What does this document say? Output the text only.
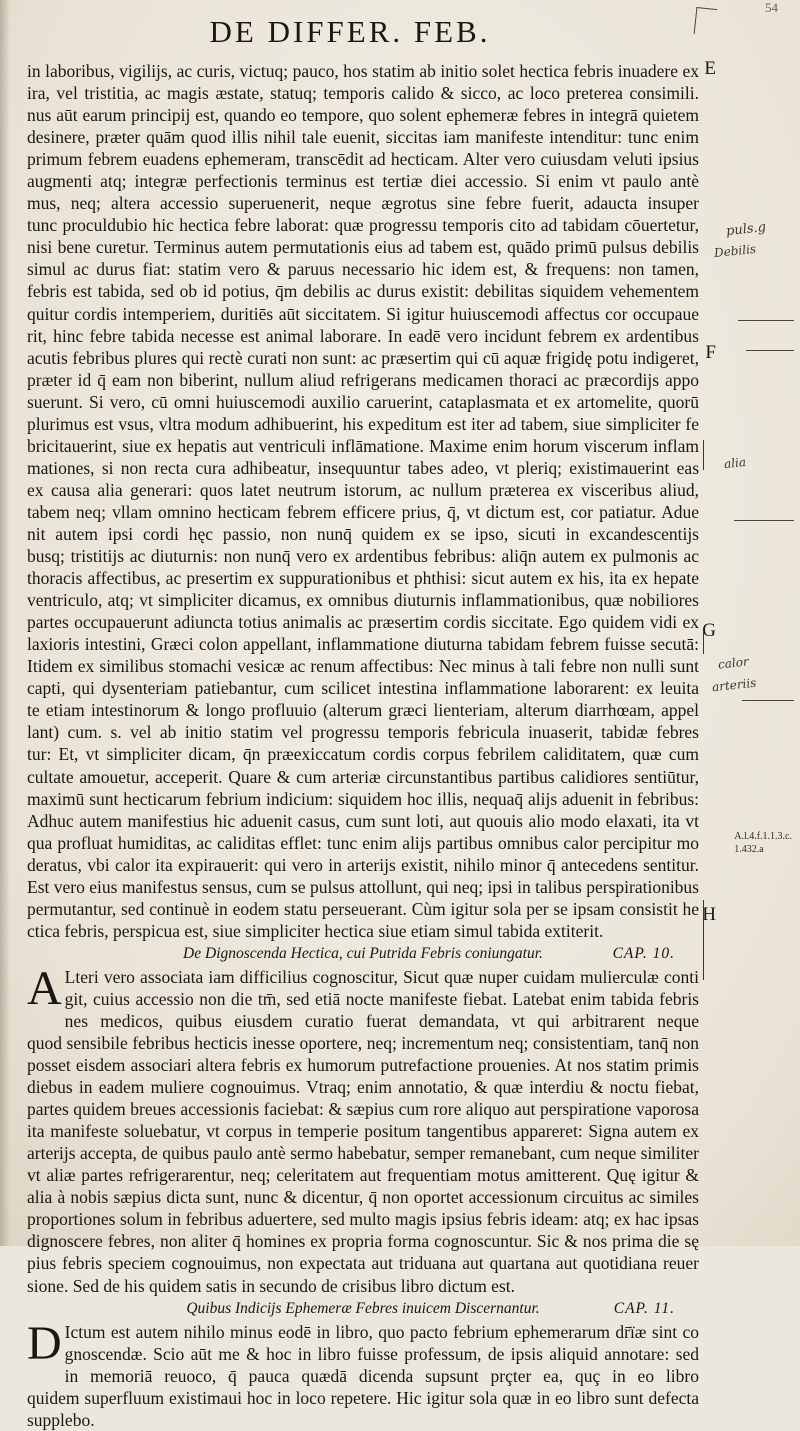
54
DE DIFFER. FEB.
in laboribus, vigilijs, ac curis, victuq; pauco, hos statim ab initio solet hectica febris inuadere ex
ira, vel tristitia, ac magis æstate, statuq; temporis calido & sicco, ac loco preterea consimili.
nus aūt earum principij est, quando eo tempore, quo solent ephemeræ febres in integrā quietem
desinere, præter quām quod illis nihil tale euenit, siccitas iam manifeste intenditur: tunc enim
primum febrem euadens ephemeram, transcēdit ad hecticam. Alter vero cuiusdam veluti ipsius
augmenti atq; integræ perfectionis terminus est tertiæ diei accessio. Si enim vt paulo antè
mus, neq; altera accessio superuenerit, neque ægrotus sine febre fuerit, adaucta insuper
tunc proculdubio hic hectica febre laborat: quæ progressu temporis cito ad tabidam cōuertetur,
nisi bene curetur. Terminus autem permutationis eius ad tabem est, quādo primū pulsus debilis
simul ac durus fiat: statim vero & paruus necessario hic idem est, & frequens: non tamen,
febris est tabida, sed ob id potius, q̄m debilis ac durus existit: debilitas siquidem vehementem
quitur cordis intemperiem, duritiēs aūt siccitatem. Si igitur huiuscemodi affectus cor occupaue
rit, hinc febre tabida necesse est animal laborare. In eadē vero incidunt febrem ex ardentibus
acutis febribus plures qui rectè curati non sunt: ac præsertim qui cū aquæ frigidę potu indigeret,
præter id q̄ eam non biberint, nullum aliud refrigerans medicamen thoraci ac præcordijs appo
suerunt. Si vero, cū omni huiuscemodi auxilio caruerint, cataplasmata et ex artomelite, quorū
plurimus est vsus, vltra modum adhibuerint, his expeditum est iter ad tabem, siue simpliciter fe
bricitauerint, siue ex hepatis aut ventriculi inflāmatione. Maxime enim horum viscerum inflam
mationes, si non recta cura adhibeatur, insequuntur tabes adeo, vt pleriq; existimauerint eas
ex causa alia generari: quos latet neutrum istorum, ac nullum præterea ex visceribus aliud,
tabem neq; vllam omnino hecticam febrem efficere prius, q̄, vt dictum est, cor patiatur. Adue
nit autem ipsi cordi hęc passio, non nunq̄ quidem ex se ipso, sicuti in excandescentijs
busq; tristitijs ac diuturnis: non nunq̄ vero ex ardentibus febribus: aliq̄n autem ex pulmonis ac
thoracis affectibus, ac presertim ex suppurationibus et phthisi: sicut autem ex his, ita ex hepate
ventriculo, atq; vt simpliciter dicamus, ex omnibus diuturnis inflammationibus, quæ nobiliores
partes occupauerunt adiuncta totius animalis ac præsertim cordis siccitate. Ego quidem vidi ex
laxioris intestini, Græci colon appellant, inflammatione diuturna tabidam febrem fuisse secutā:
Itidem ex similibus stomachi vesicæ ac renum affectibus: Nec minus à tali febre non nulli sunt
capti, qui dysenteriam patiebantur, cum scilicet intestina inflammatione laborarent: ex leuita
te etiam intestinorum & longo profluuio (alterum græci lienteriam, alterum diarrhœam, appel
lant) cum. s. vel ab initio statim vel progressu temporis febricula inuaserit, tabidæ febres
tur: Et, vt simpliciter dicam, q̄n præexiccatum cordis corpus febrilem caliditatem, quæ cum
cultate amouetur, acceperit. Quare & cum arteriæ circunstantibus partibus calidiores sentiūtur,
maximū sunt hecticarum febrium indicium: siquidem hoc illis, nequaq̄ alijs aduenit in febribus:
Adhuc autem manifestius hic aduenit casus, cum sunt loti, aut quouis alio modo elaxati, ita vt
qua profluat humiditas, ac caliditas efflet: tunc enim alijs partibus omnibus calor percipitur mo
deratus, vbi calor ita expirauerit: qui vero in arterijs existit, nihilo minor q̄ antecedens sentitur.
Est vero eius manifestus sensus, cum se pulsus attollunt, qui neq; ipsi in talibus perspirationibus
permutantur, sed continuè in eodem statu perseuerant. Cùm igitur sola per se ipsam consistit he
ctica febris, perspicua est, siue simpliciter hectica siue etiam simul tabida extiterit.
De Dignoscenda Hectica, cui Putrida Febris coniungatur.	CAP. 10.
A Lteri vero associata iam difficilius cognoscitur, Sicut quæ nuper cuidam mulierculæ conti
git, cuius accessio non die tm̄, sed etiā nocte manifeste fiebat. Latebat enim tabida febris
nes medicos, quibus eiusdem curatio fuerat demandata, vt qui arbitrarent neque
quod sensibile febribus hecticis inesse oportere, neq; incrementum neq; consistentiam, tanq̄ non
posset eisdem associari altera febris ex humorum putrefactione prouenies. At nos statim primis
diebus in eadem muliere cognouimus. Vtraq; enim annotatio, & quæ interdiu & noctu fiebat,
partes quidem breues accessionis faciebat: & sæpius cum rore aliquo aut perspiratione vaporosa
ita manifeste soluebatur, vt corpus in temperie positum tangentibus appareret: Signa autem ex
arterijs accepta, de quibus paulo antè sermo habebatur, semper remanebant, cum neque similiter
vt aliæ partes refrigerarentur, neq; celeritatem aut frequentiam motus amitterent. Quę igitur &
alia à nobis sæpius dicta sunt, nunc & dicentur, q̄ non oportet accessionum circuitus ac similes
proportiones solum in febribus aduertere, sed multo magis ipsius febris ideam: atq; ex hac ipsas
dignoscere febres, non aliter q̄ homines ex propria forma cognoscuntur. Sic & nos prima die sę
pius febris speciem cognouimus, non expectata aut triduana aut quartana aut quotidiana reuer
sione. Sed de his quidem satis in secundo de crisibus libro dictum est.
Quibus Indicijs Ephemeræ Febres inuicem Discernantur.	CAP. 11.
D Ictum est autem nihilo minus eodē in libro, quo pacto febrium ephemerarum dr̄ïæ sint co
gnoscendæ. Scio aūt me & hoc in libro fuisse professum, de ipsis aliquid annotare: sed
in memoriā reuoco, q̄ pauca quædā dicenda supsunt prçter ea, quç in eo libro
quidem superfluum existimaui hoc in loco repetere. Hic igitur sola quæ in eo libro sunt defecta
supplebo.
E
F
G
H
puls.g
Debilis
alia
calor
arteriis
A.l.4.f.1.1.3.c.
1.432.a
